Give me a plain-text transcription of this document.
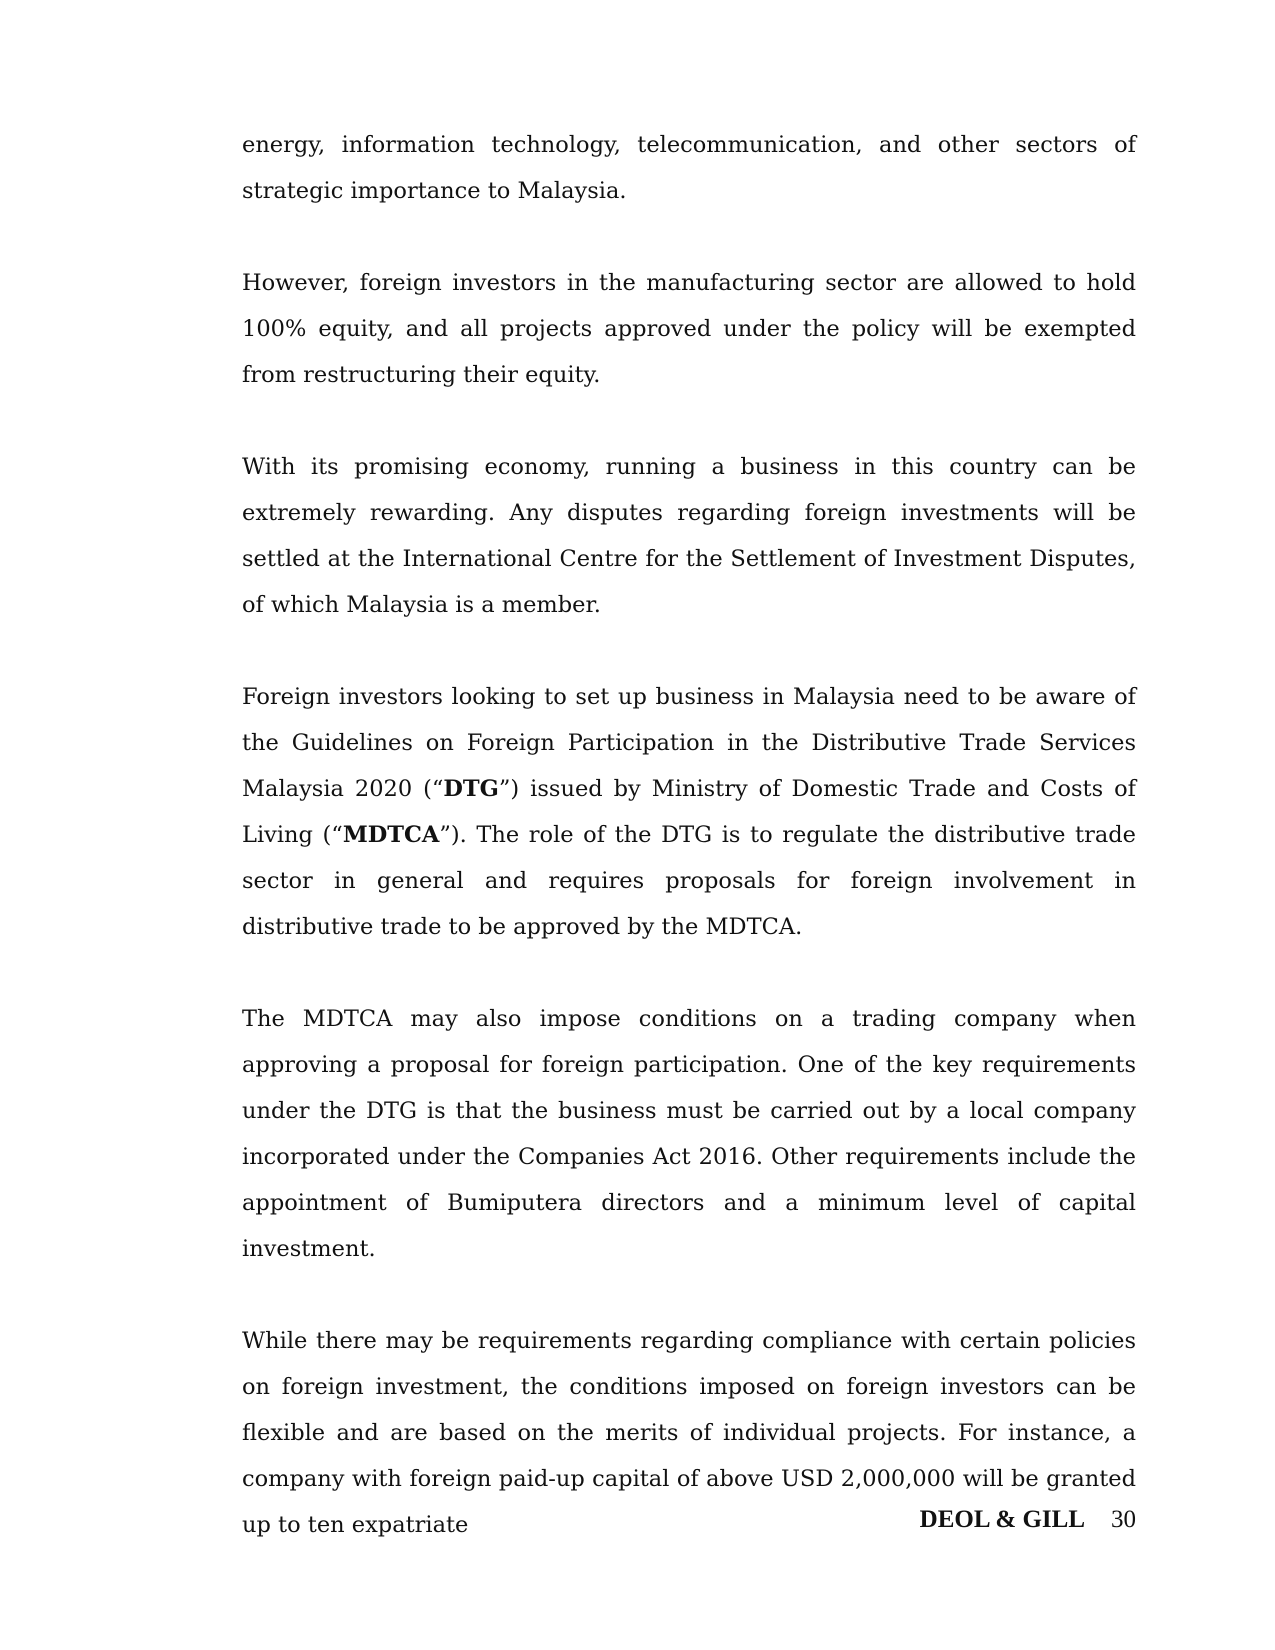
energy, information technology, telecommunication, and other sectors of strategic importance to Malaysia.

However, foreign investors in the manufacturing sector are allowed to hold 100% equity, and all projects approved under the policy will be exempted from restructuring their equity.

With its promising economy, running a business in this country can be extremely rewarding. Any disputes regarding foreign investments will be settled at the International Centre for the Settlement of Investment Disputes, of which Malaysia is a member.

Foreign investors looking to set up business in Malaysia need to be aware of the Guidelines on Foreign Participation in the Distributive Trade Services Malaysia 2020 (“DTG”) issued by Ministry of Domestic Trade and Costs of Living (“MDTCA”). The role of the DTG is to regulate the distributive trade sector in general and requires proposals for foreign involvement in distributive trade to be approved by the MDTCA.

The MDTCA may also impose conditions on a trading company when approving a proposal for foreign participation. One of the key requirements under the DTG is that the business must be carried out by a local company incorporated under the Companies Act 2016. Other requirements include the appointment of Bumiputera directors and a minimum level of capital investment.

While there may be requirements regarding compliance with certain policies on foreign investment, the conditions imposed on foreign investors can be flexible and are based on the merits of individual projects. For instance, a company with foreign paid-up capital of above USD 2,000,000 will be granted up to ten expatriate	DEOL & GILL 30
